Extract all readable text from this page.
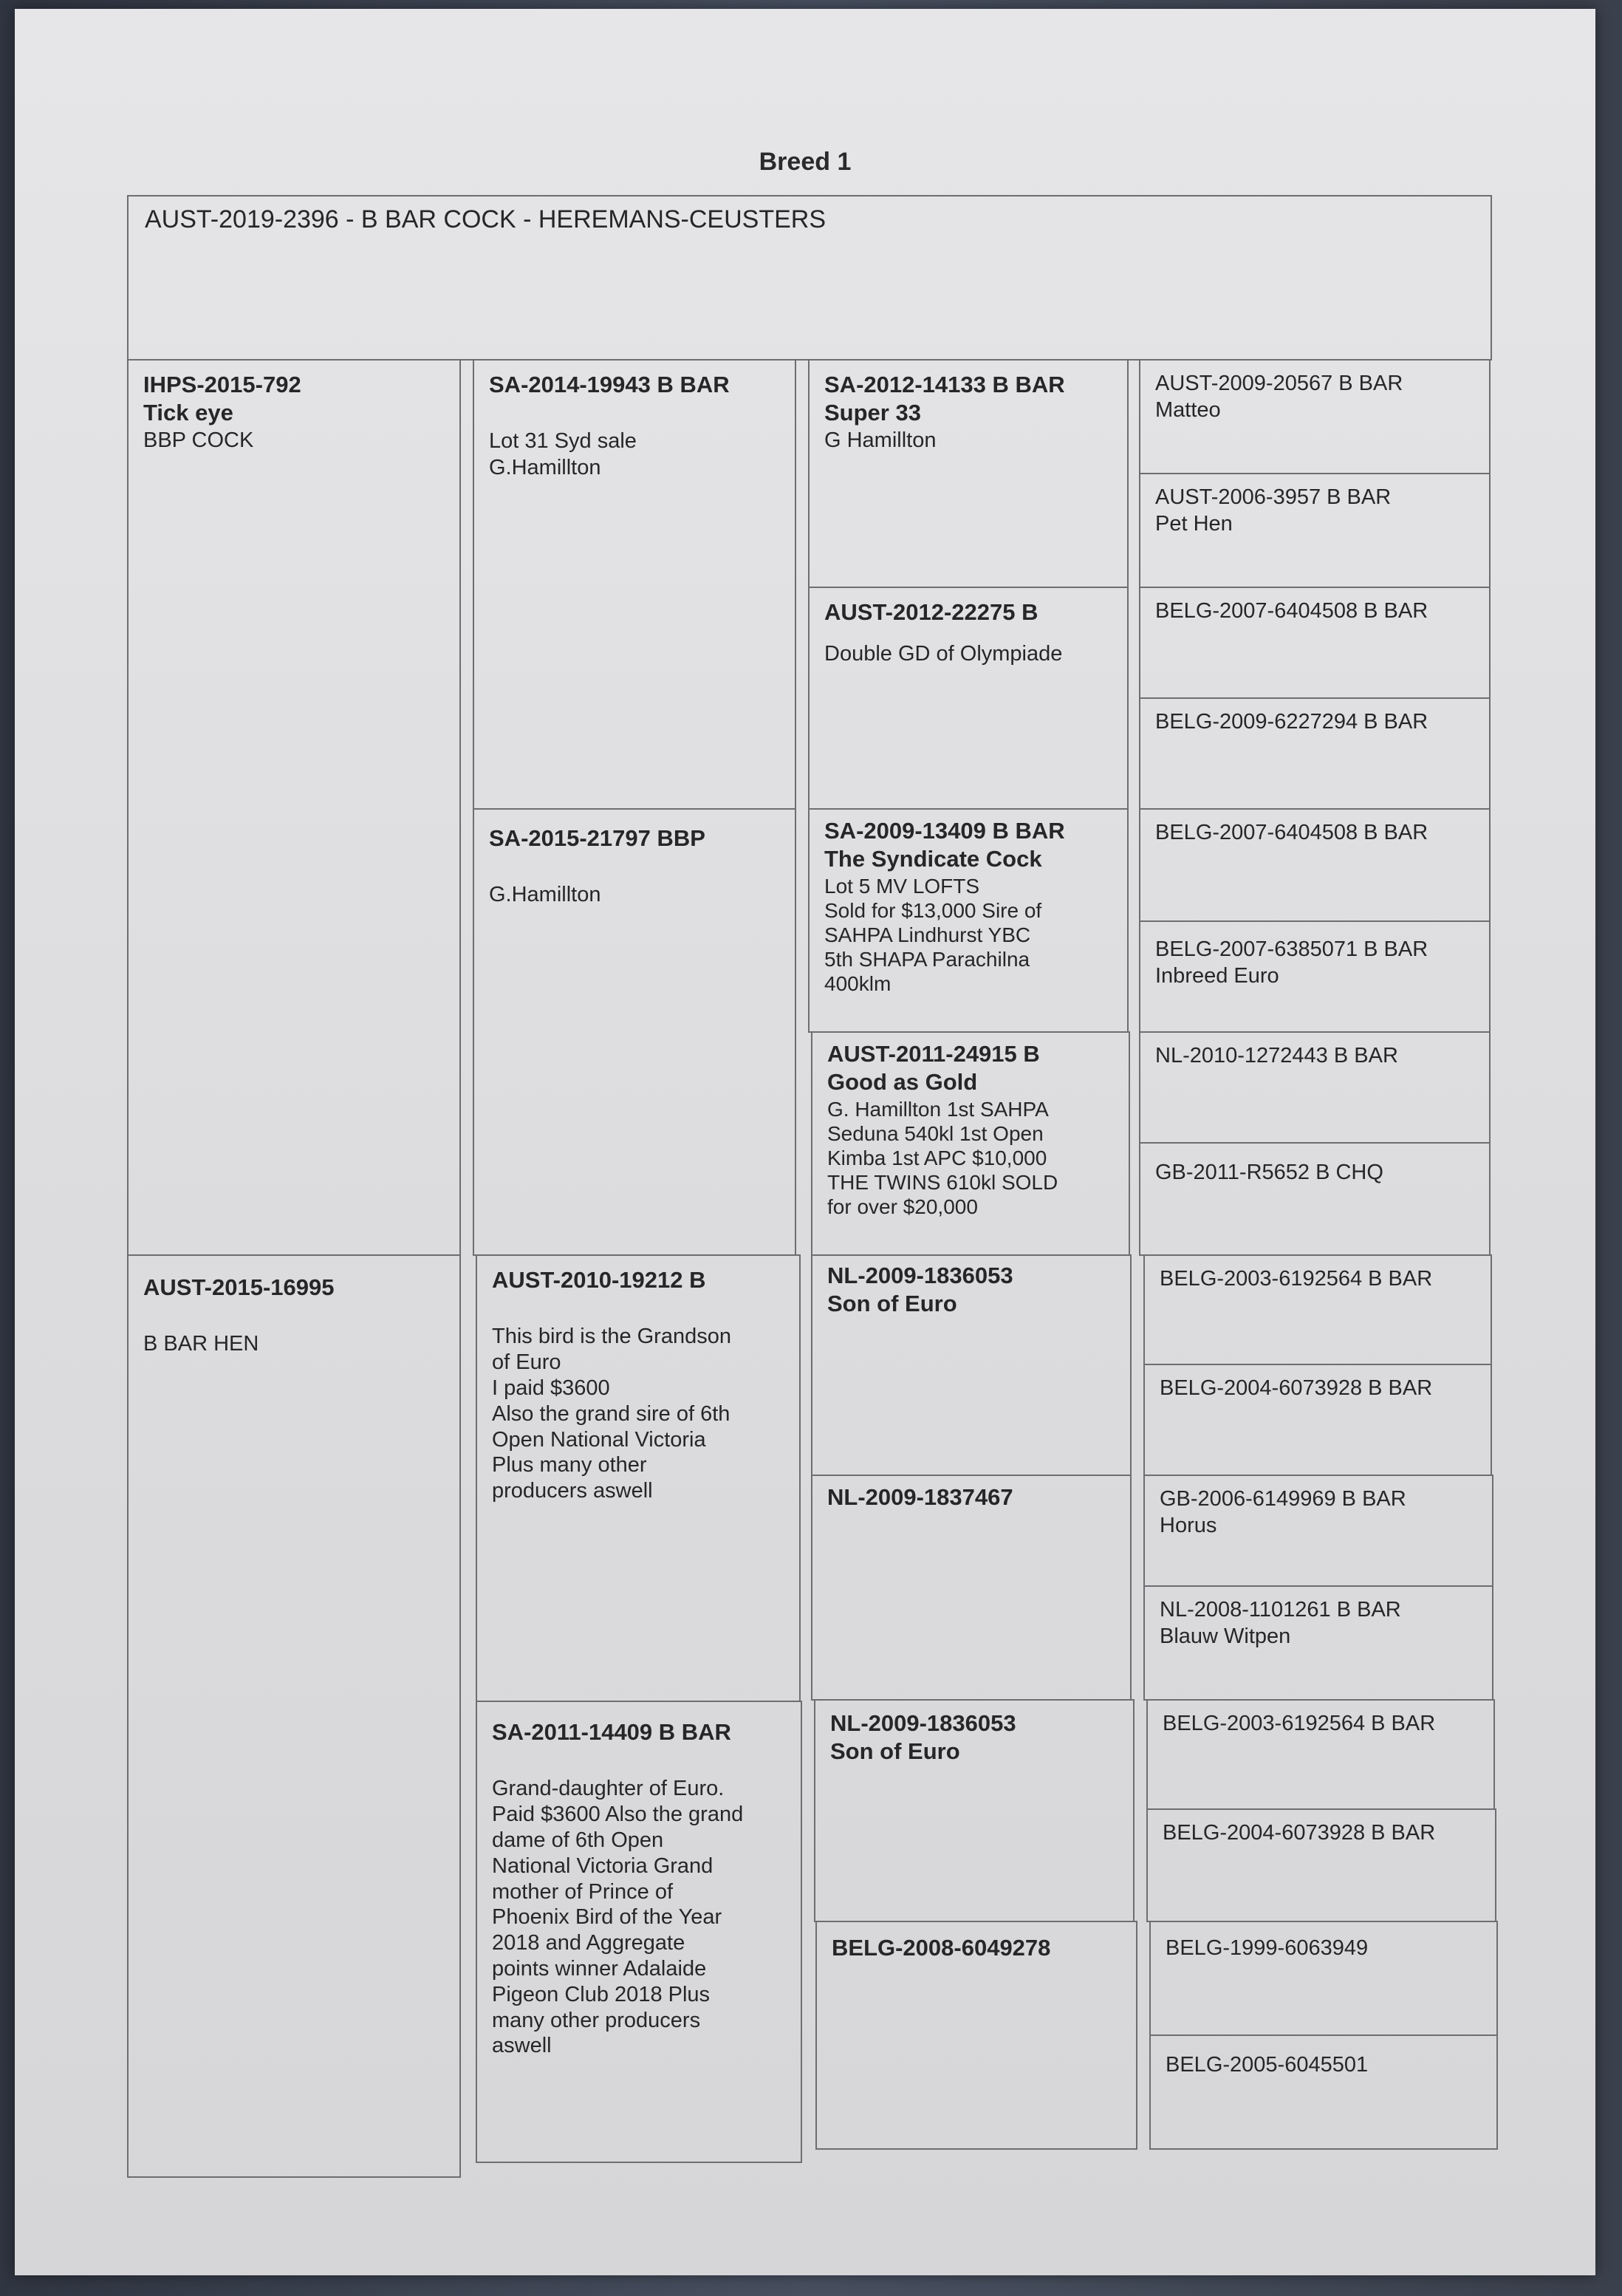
Breed 1
AUST-2019-2396 - B BAR COCK - HEREMANS-CEUSTERS
IHPS-2015-792
Tick eye
BBP COCK
AUST-2015-16995
B BAR HEN
SA-2014-19943 B BAR
Lot 31 Syd sale
G.Hamillton
SA-2015-21797 BBP
G.Hamillton
AUST-2010-19212 B
This bird is the Grandson
of Euro
I paid $3600
Also the grand sire of 6th
Open National Victoria
Plus many other
producers aswell
SA-2011-14409 B BAR
Grand-daughter of Euro.
Paid $3600 Also the grand
dame of 6th Open
National Victoria Grand
mother of Prince of
Phoenix Bird of the Year
2018 and Aggregate
points winner Adalaide
Pigeon Club 2018 Plus
many other producers
aswell
SA-2012-14133 B BAR
Super 33
G Hamillton
AUST-2012-22275 B
Double GD of Olympiade
SA-2009-13409 B BAR
The Syndicate Cock
Lot 5 MV LOFTS
Sold for $13,000 Sire of
SAHPA Lindhurst YBC
5th SHAPA Parachilna
400klm
AUST-2011-24915 B
Good as Gold
G. Hamillton 1st SAHPA
Seduna 540kl 1st Open
Kimba 1st APC $10,000
THE TWINS 610kl SOLD
for over $20,000
NL-2009-1836053
Son of Euro
NL-2009-1837467
NL-2009-1836053
Son of Euro
BELG-2008-6049278
AUST-2009-20567 B BAR
Matteo
AUST-2006-3957 B BAR
Pet Hen
BELG-2007-6404508 B BAR
BELG-2009-6227294 B BAR
BELG-2007-6404508 B BAR
BELG-2007-6385071 B BAR
Inbreed Euro
NL-2010-1272443 B BAR
GB-2011-R5652 B CHQ
BELG-2003-6192564 B BAR
BELG-2004-6073928 B BAR
GB-2006-6149969 B BAR
Horus
NL-2008-1101261 B BAR
Blauw Witpen
BELG-2003-6192564 B BAR
BELG-2004-6073928 B BAR
BELG-1999-6063949
BELG-2005-6045501
